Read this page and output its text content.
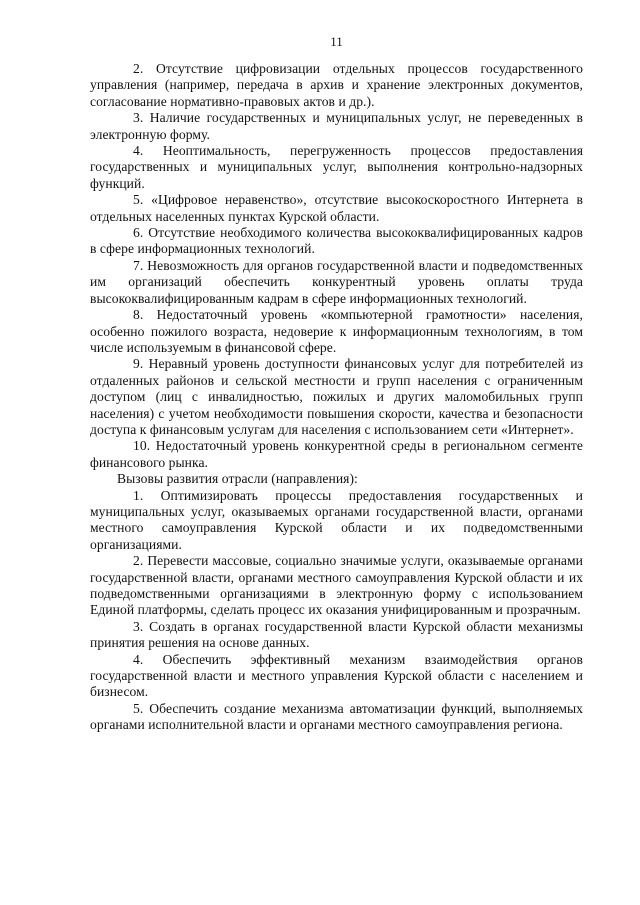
11

2. Отсутствие цифровизации отдельных процессов государственного управления (например, передача в архив и хранение электронных документов, согласование нормативно-правовых актов и др.).

3. Наличие государственных и муниципальных услуг, не переведенных в электронную форму.

4. Неоптимальность, перегруженность процессов предоставления государственных и муниципальных услуг, выполнения контрольно-надзорных функций.

5. «Цифровое неравенство», отсутствие высокоскоростного Интернета в отдельных населенных пунктах Курской области.

6. Отсутствие необходимого количества высококвалифицированных кадров в сфере информационных технологий.

7. Невозможность для органов государственной власти и подведомственных им организаций обеспечить конкурентный уровень оплаты труда высококвалифицированным кадрам в сфере информационных технологий.

8. Недостаточный уровень «компьютерной грамотности» населения, особенно пожилого возраста, недоверие к информационным технологиям, в том числе используемым в финансовой сфере.

9. Неравный уровень доступности финансовых услуг для потребителей из отдаленных районов и сельской местности и групп населения с ограниченным доступом (лиц с инвалидностью, пожилых и других маломобильных групп населения) с учетом необходимости повышения скорости, качества и безопасности доступа к финансовым услугам для населения с использованием сети «Интернет».

10. Недостаточный уровень конкурентной среды в региональном сегменте финансового рынка.

Вызовы развития отрасли (направления):

1. Оптимизировать процессы предоставления государственных и муниципальных услуг, оказываемых органами государственной власти, органами местного самоуправления Курской области и их подведомственными организациями.

2. Перевести массовые, социально значимые услуги, оказываемые органами государственной власти, органами местного самоуправления Курской области и их подведомственными организациями в электронную форму с использованием Единой платформы, сделать процесс их оказания унифицированным и прозрачным.

3. Создать в органах государственной власти Курской области механизмы принятия решения на основе данных.

4. Обеспечить эффективный механизм взаимодействия органов государственной власти и местного управления Курской области с населением и бизнесом.

5. Обеспечить создание механизма автоматизации функций, выполняемых органами исполнительной власти и органами местного самоуправления региона.
